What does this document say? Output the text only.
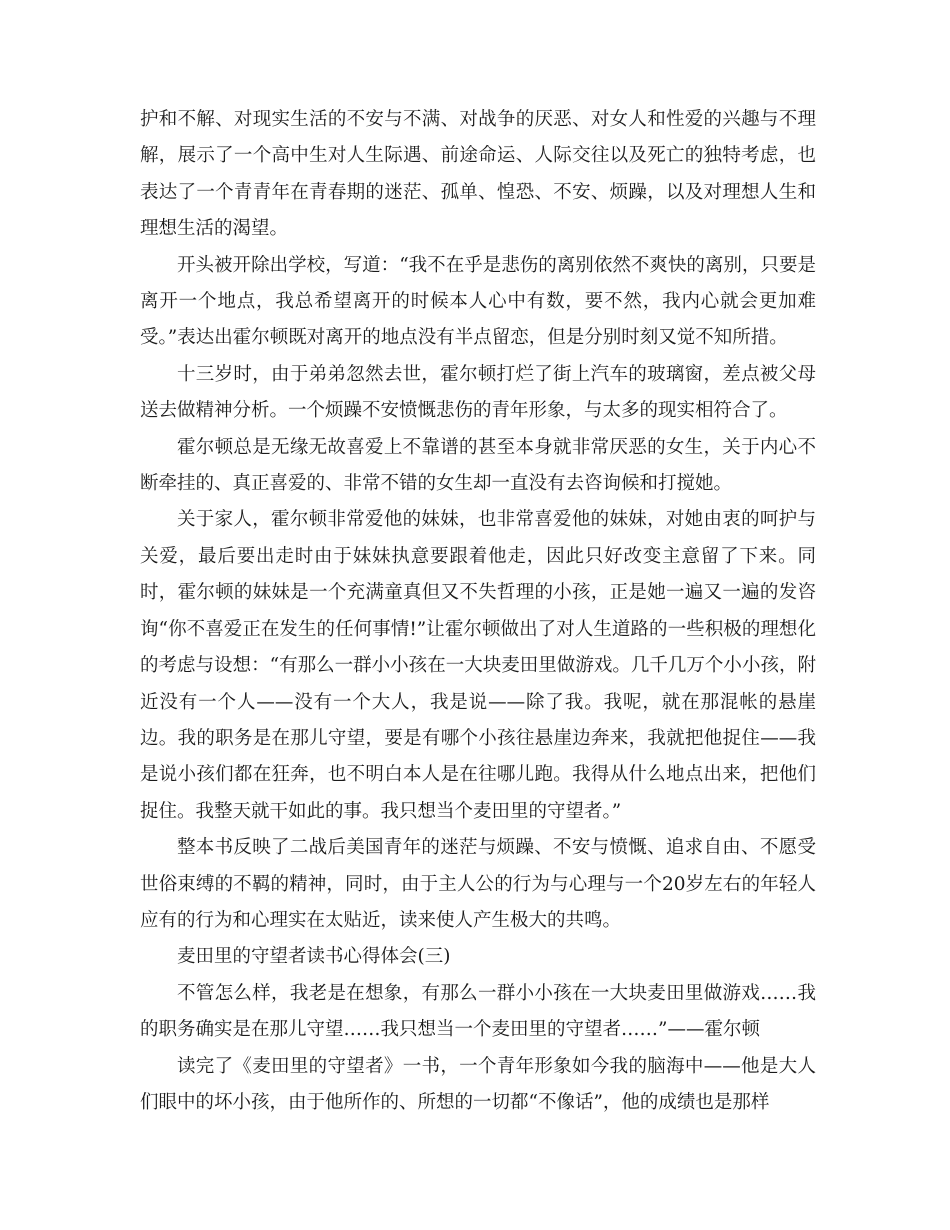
护和不解、对现实生活的不安与不满、对战争的厌恶、对女人和性爱的兴趣与不理解，展示了一个高中生对人生际遇、前途命运、人际交往以及死亡的独特考虑，也表达了一个青青年在青春期的迷茫、孤单、惶恐、不安、烦躁，以及对理想人生和理想生活的渴望。

开头被开除出学校，写道：“我不在乎是悲伤的离别依然不爽快的离别，只要是离开一个地点，我总希望离开的时候本人心中有数，要不然，我内心就会更加难受。”表达出霍尔顿既对离开的地点没有半点留恋，但是分别时刻又觉不知所措。

十三岁时，由于弟弟忽然去世，霍尔顿打烂了街上汽车的玻璃窗，差点被父母送去做精神分析。一个烦躁不安愤慨悲伤的青年形象，与太多的现实相符合了。

霍尔顿总是无缘无故喜爱上不靠谱的甚至本身就非常厌恶的女生，关于内心不断牵挂的、真正喜爱的、非常不错的女生却一直没有去咨询候和打搅她。

关于家人，霍尔顿非常爱他的妹妹，也非常喜爱他的妹妹，对她由衷的呵护与关爱，最后要出走时由于妹妹执意要跟着他走，因此只好改变主意留了下来。同时，霍尔顿的妹妹是一个充满童真但又不失哲理的小孩，正是她一遍又一遍的发咨询“你不喜爱正在发生的任何事情!”让霍尔顿做出了对人生道路的一些积极的理想化的考虑与设想：“有那么一群小小孩在一大块麦田里做游戏。几千几万个小小孩，附近没有一个人——没有一个大人，我是说——除了我。我呢，就在那混帐的悬崖边。我的职务是在那儿守望，要是有哪个小孩往悬崖边奔来，我就把他捉住——我是说小孩们都在狂奔，也不明白本人是在往哪儿跑。我得从什么地点出来，把他们捉住。我整天就干如此的事。我只想当个麦田里的守望者。”

整本书反映了二战后美国青年的迷茫与烦躁、不安与愤慨、追求自由、不愿受世俗束缚的不羁的精神，同时，由于主人公的行为与心理与一个20岁左右的年轻人应有的行为和心理实在太贴近，读来使人产生极大的共鸣。

麦田里的守望者读书心得体会(三)

不管怎么样，我老是在想象，有那么一群小小孩在一大块麦田里做游戏……我的职务确实是在那儿守望……我只想当一个麦田里的守望者……”——霍尔顿

读完了《麦田里的守望者》一书，一个青年形象如今我的脑海中——他是大人们眼中的坏小孩，由于他所作的、所想的一切都“不像话”，他的成绩也是那样
